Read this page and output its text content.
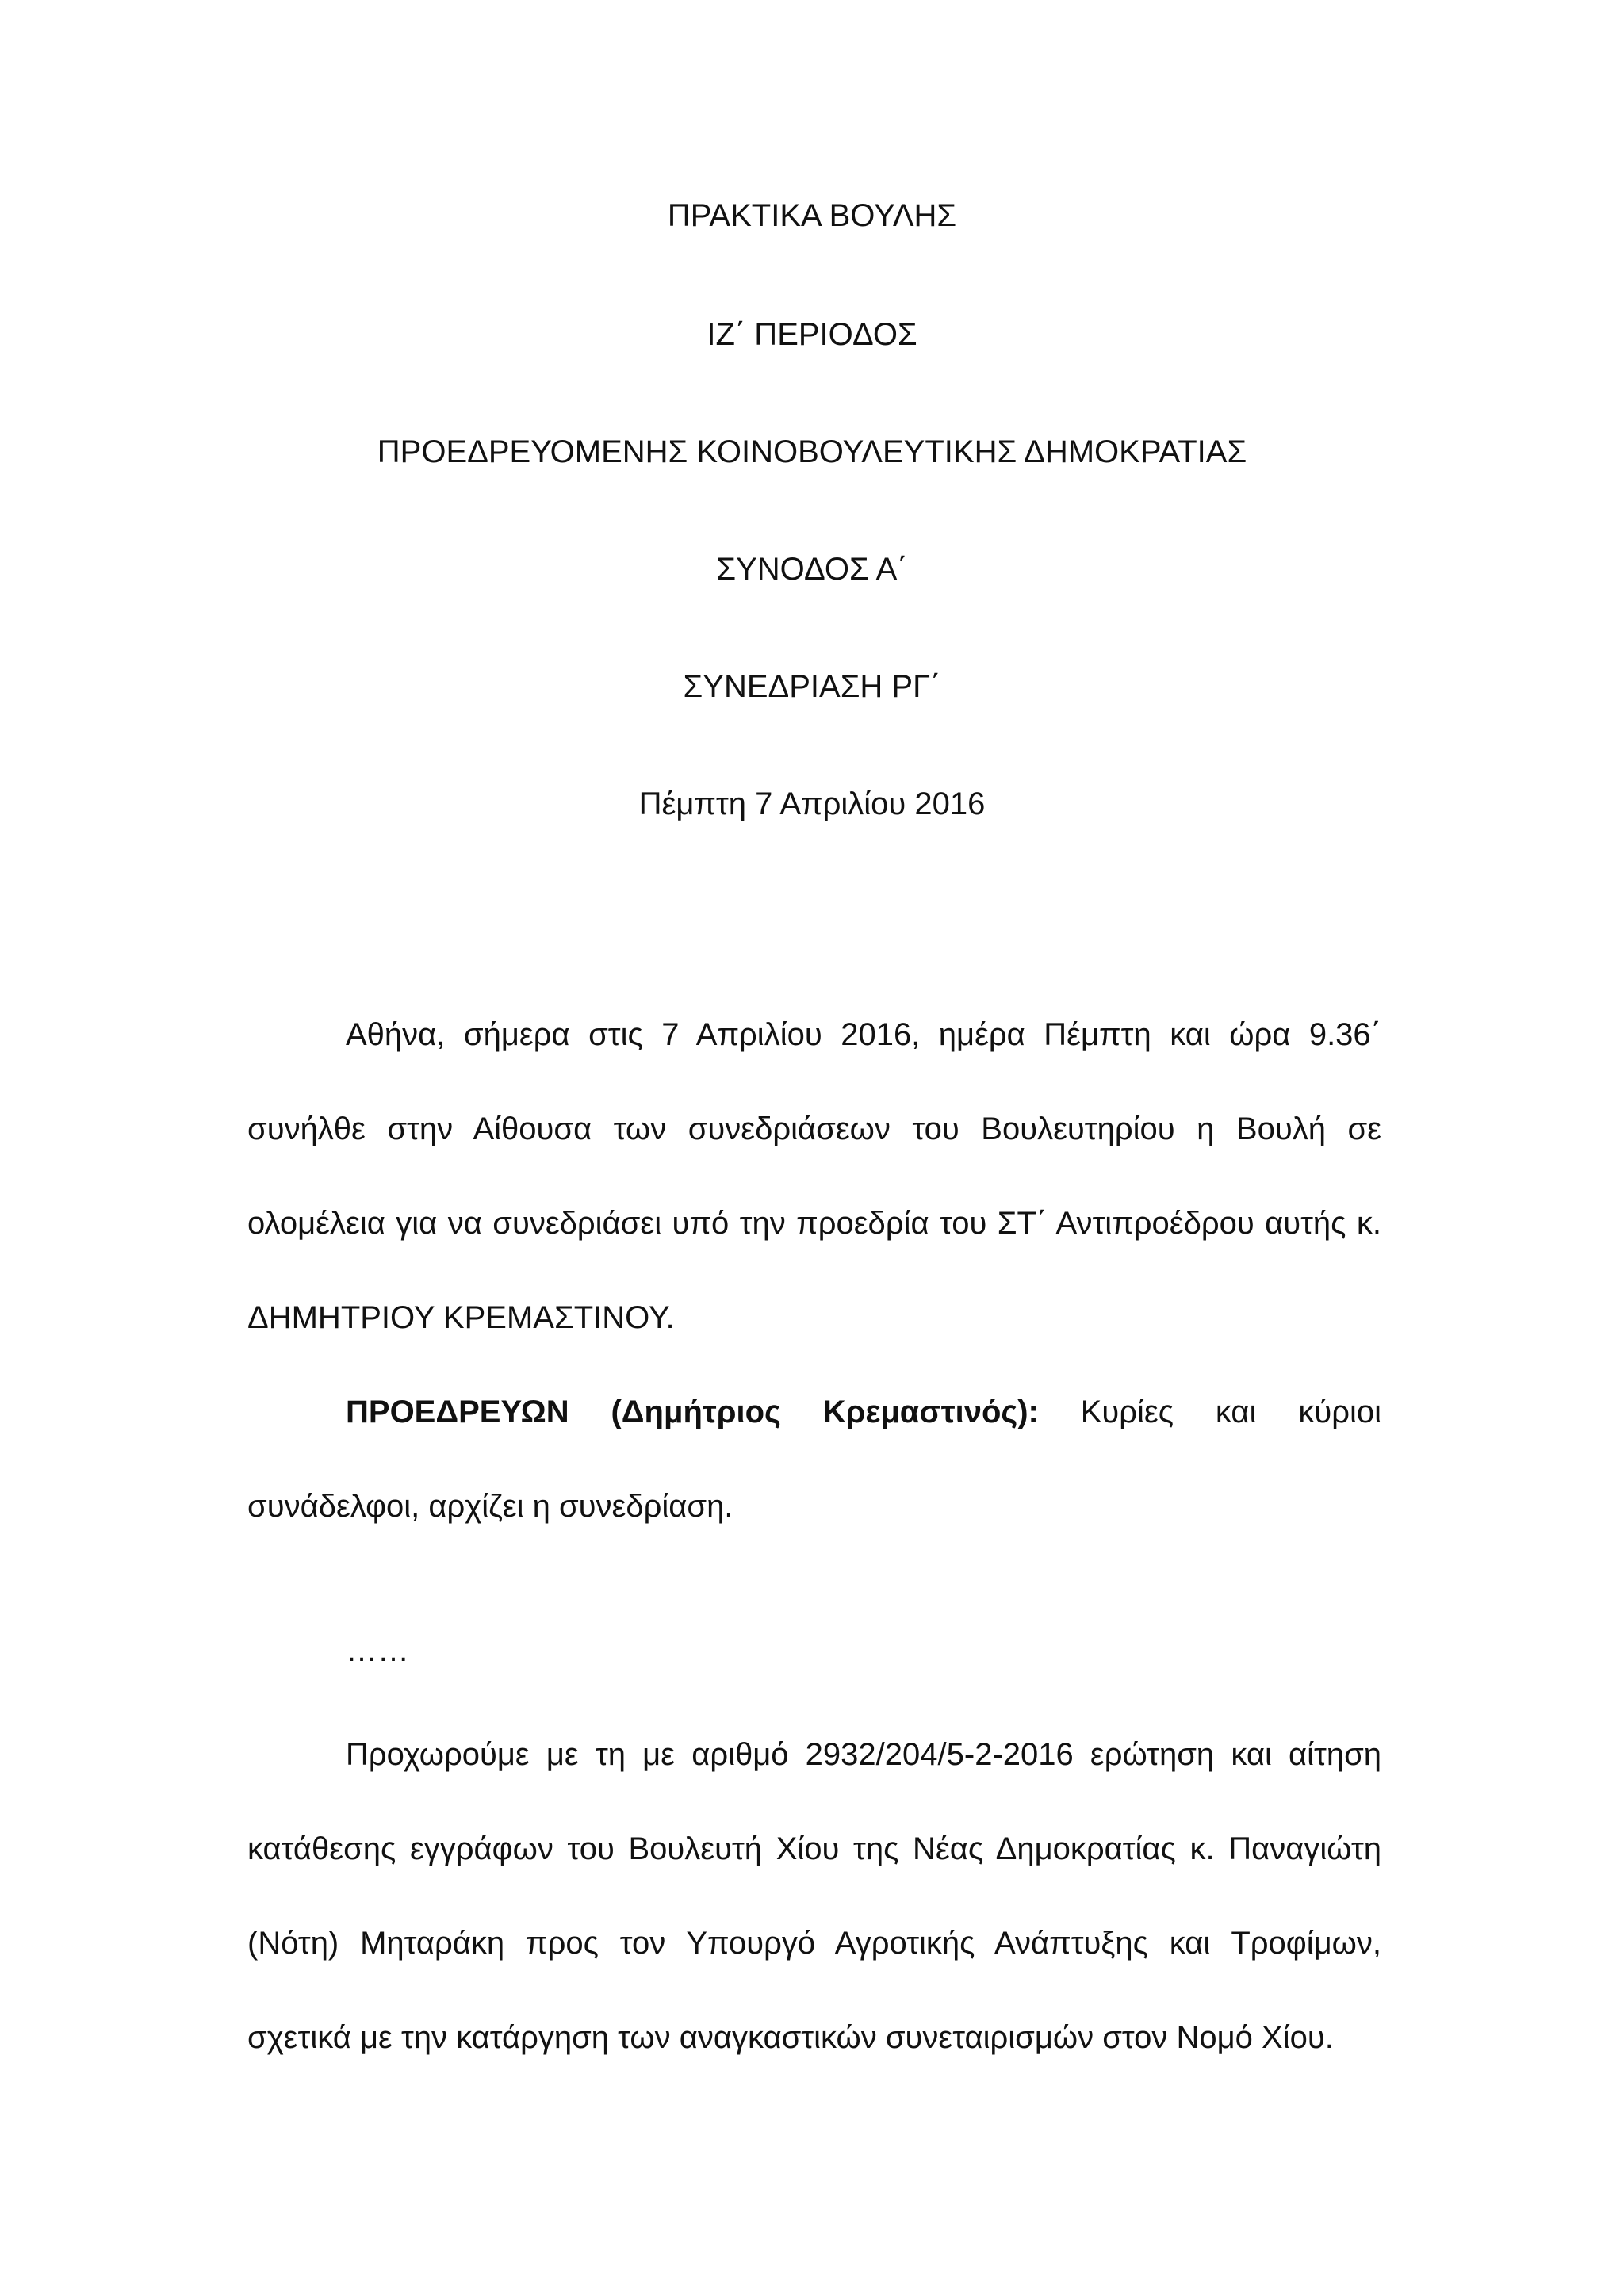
ΠΡΑΚΤΙΚΑ ΒΟΥΛΗΣ
ΙΖ΄ ΠΕΡΙΟΔΟΣ
ΠΡΟΕΔΡΕΥΟΜΕΝΗΣ ΚΟΙΝΟΒΟΥΛΕΥΤΙΚΗΣ ΔΗΜΟΚΡΑΤΙΑΣ
ΣΥΝΟΔΟΣ Α΄
ΣΥΝΕΔΡΙΑΣΗ ΡΓ΄
Πέμπτη 7 Απριλίου 2016

Αθήνα, σήμερα στις 7 Απριλίου 2016, ημέρα Πέμπτη και ώρα 9.36΄ συνήλθε στην Αίθουσα των συνεδριάσεων του Βουλευτηρίου η Βουλή σε ολομέλεια για να συνεδριάσει υπό την προεδρία του ΣΤ΄ Αντιπροέδρου αυτής κ. ΔΗΜΗΤΡΙΟΥ ΚΡΕΜΑΣΤΙΝΟΥ.

ΠΡΟΕΔΡΕΥΩΝ (Δημήτριος Κρεμαστινός): Κυρίες και κύριοι συνάδελφοι, αρχίζει η συνεδρίαση.

……

Προχωρούμε με τη με αριθμό 2932/204/5-2-2016 ερώτηση και αίτηση κατάθεσης εγγράφων του Βουλευτή Χίου της Νέας Δημοκρατίας κ. Παναγιώτη (Νότη) Μηταράκη προς τον Υπουργό Αγροτικής Ανάπτυξης και Τροφίμων, σχετικά με την κατάργηση των αναγκαστικών συνεταιρισμών στον Νομό Χίου.
